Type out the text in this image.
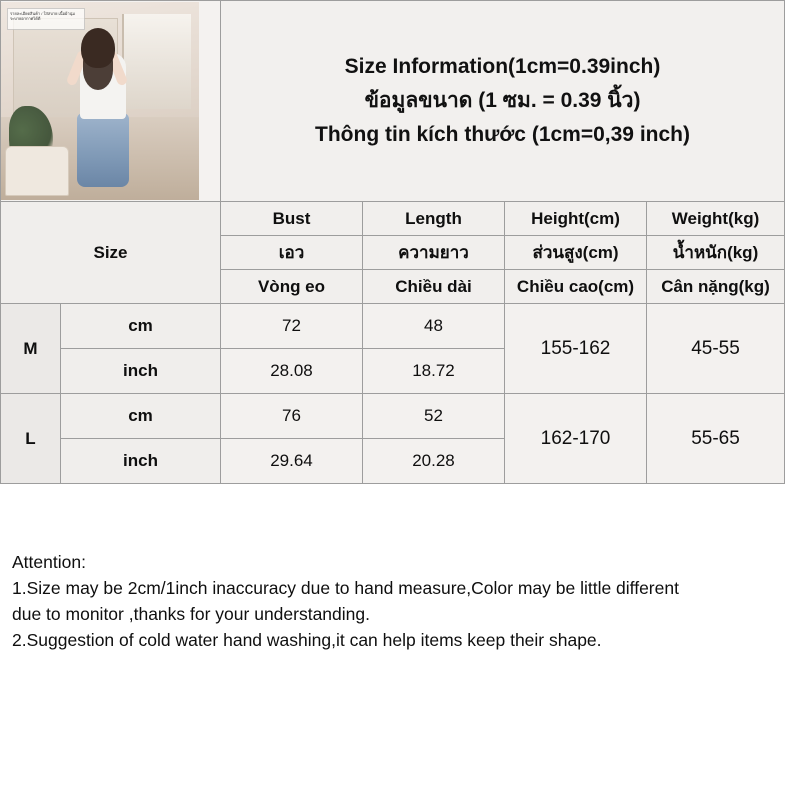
รายละเอียดสินค้า / ใส่สบาย เนื้อผ้านุ่ม ระบายอากาศได้ดี		Size Information(1cm=0.39inch)
ข้อมูลขนาด (1 ซม. = 0.39 นิ้ว)
Thông tin kích thước (1cm=0,39 inch)			

Size		Bust	Length	Height(cm)	Weight(kg)
		เอว	ความยาว	ส่วนสูง(cm)	น้ำหนัก(kg)
		Vòng eo	Chiều dài	Chiều cao(cm)	Cân nặng(kg)
M	cm	72	48	155-162	45-55
	inch	28.08	18.72		
L	cm	76	52	162-170	55-65
	inch	29.64	20.28		

Attention:

1.Size may be 2cm/1inch inaccuracy due to hand measure,Color may be little different

due to monitor ,thanks for your understanding.

2.Suggestion of cold water hand washing,it can help items keep their shape.
